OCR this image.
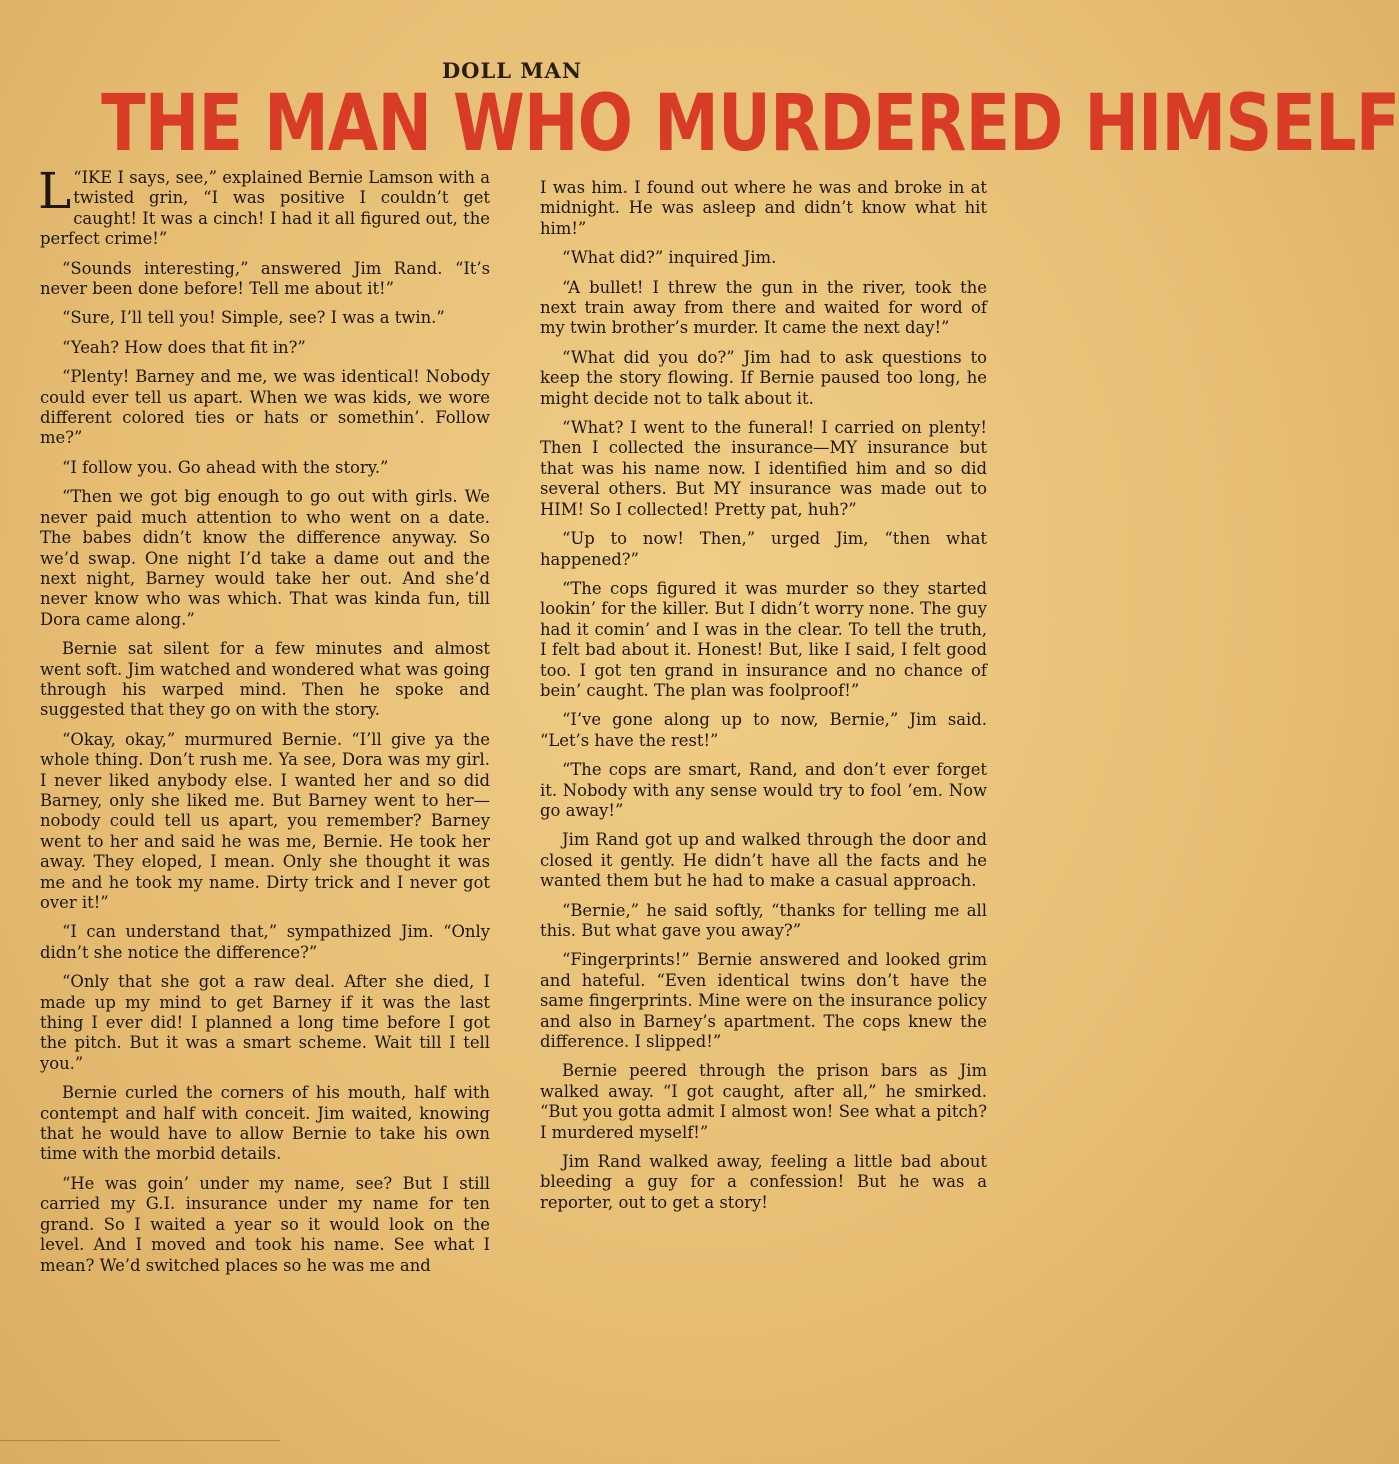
DOLL MAN
THE MAN WHO MURDERED HIMSELF

L “IKE I says, see,” explained Bernie Lamson with a twisted grin, “I was positive I couldn’t get caught! It was a cinch! I had it all figured out, the perfect crime!”

“Sounds interesting,” answered Jim Rand. “It’s never been done before! Tell me about it!”

“Sure, I’ll tell you! Simple, see? I was a twin.”

“Yeah? How does that fit in?”

“Plenty! Barney and me, we was identical! Nobody could ever tell us apart. When we was kids, we wore different colored ties or hats or somethin’. Follow me?”

“I follow you. Go ahead with the story.”

“Then we got big enough to go out with girls. We never paid much attention to who went on a date. The babes didn’t know the difference anyway. So we’d swap. One night I’d take a dame out and the next night, Barney would take her out. And she’d never know who was which. That was kinda fun, till Dora came along.”

Bernie sat silent for a few minutes and almost went soft. Jim watched and wondered what was going through his warped mind. Then he spoke and suggested that they go on with the story.

“Okay, okay,” murmured Bernie. “I’ll give ya the whole thing. Don’t rush me. Ya see, Dora was my girl. I never liked anybody else. I wanted her and so did Barney, only she liked me. But Barney went to her—nobody could tell us apart, you remember? Barney went to her and said he was me, Bernie. He took her away. They eloped, I mean. Only she thought it was me and he took my name. Dirty trick and I never got over it!”

“I can understand that,” sympathized Jim. “Only didn’t she notice the difference?”

“Only that she got a raw deal. After she died, I made up my mind to get Barney if it was the last thing I ever did! I planned a long time before I got the pitch. But it was a smart scheme. Wait till I tell you.”

Bernie curled the corners of his mouth, half with contempt and half with conceit. Jim waited, knowing that he would have to allow Bernie to take his own time with the morbid details.

“He was goin’ under my name, see? But I still carried my G.I. insurance under my name for ten grand. So I waited a year so it would look on the level. And I moved and took his name. See what I mean? We’d switched places so he was me and

I was him. I found out where he was and broke in at midnight. He was asleep and didn’t know what hit him!”

“What did?” inquired Jim.

“A bullet! I threw the gun in the river, took the next train away from there and waited for word of my twin brother’s murder. It came the next day!”

“What did you do?” Jim had to ask questions to keep the story flowing. If Bernie paused too long, he might decide not to talk about it.

“What? I went to the funeral! I carried on plenty! Then I collected the insurance—MY insurance but that was his name now. I identified him and so did several others. But MY insurance was made out to HIM! So I collected! Pretty pat, huh?”

“Up to now! Then,” urged Jim, “then what happened?”

“The cops figured it was murder so they started lookin’ for the killer. But I didn’t worry none. The guy had it comin’ and I was in the clear. To tell the truth, I felt bad about it. Honest! But, like I said, I felt good too. I got ten grand in insurance and no chance of bein’ caught. The plan was foolproof!”

“I’ve gone along up to now, Bernie,” Jim said. “Let’s have the rest!”

“The cops are smart, Rand, and don’t ever forget it. Nobody with any sense would try to fool ’em. Now go away!”

Jim Rand got up and walked through the door and closed it gently. He didn’t have all the facts and he wanted them but he had to make a casual approach.

“Bernie,” he said softly, “thanks for telling me all this. But what gave you away?”

“Fingerprints!” Bernie answered and looked grim and hateful. “Even identical twins don’t have the same fingerprints. Mine were on the insurance policy and also in Barney’s apartment. The cops knew the difference. I slipped!”

Bernie peered through the prison bars as Jim walked away. “I got caught, after all,” he smirked. “But you gotta admit I almost won! See what a pitch? I murdered myself!”

Jim Rand walked away, feeling a little bad about bleeding a guy for a confession! But he was a reporter, out to get a story!
